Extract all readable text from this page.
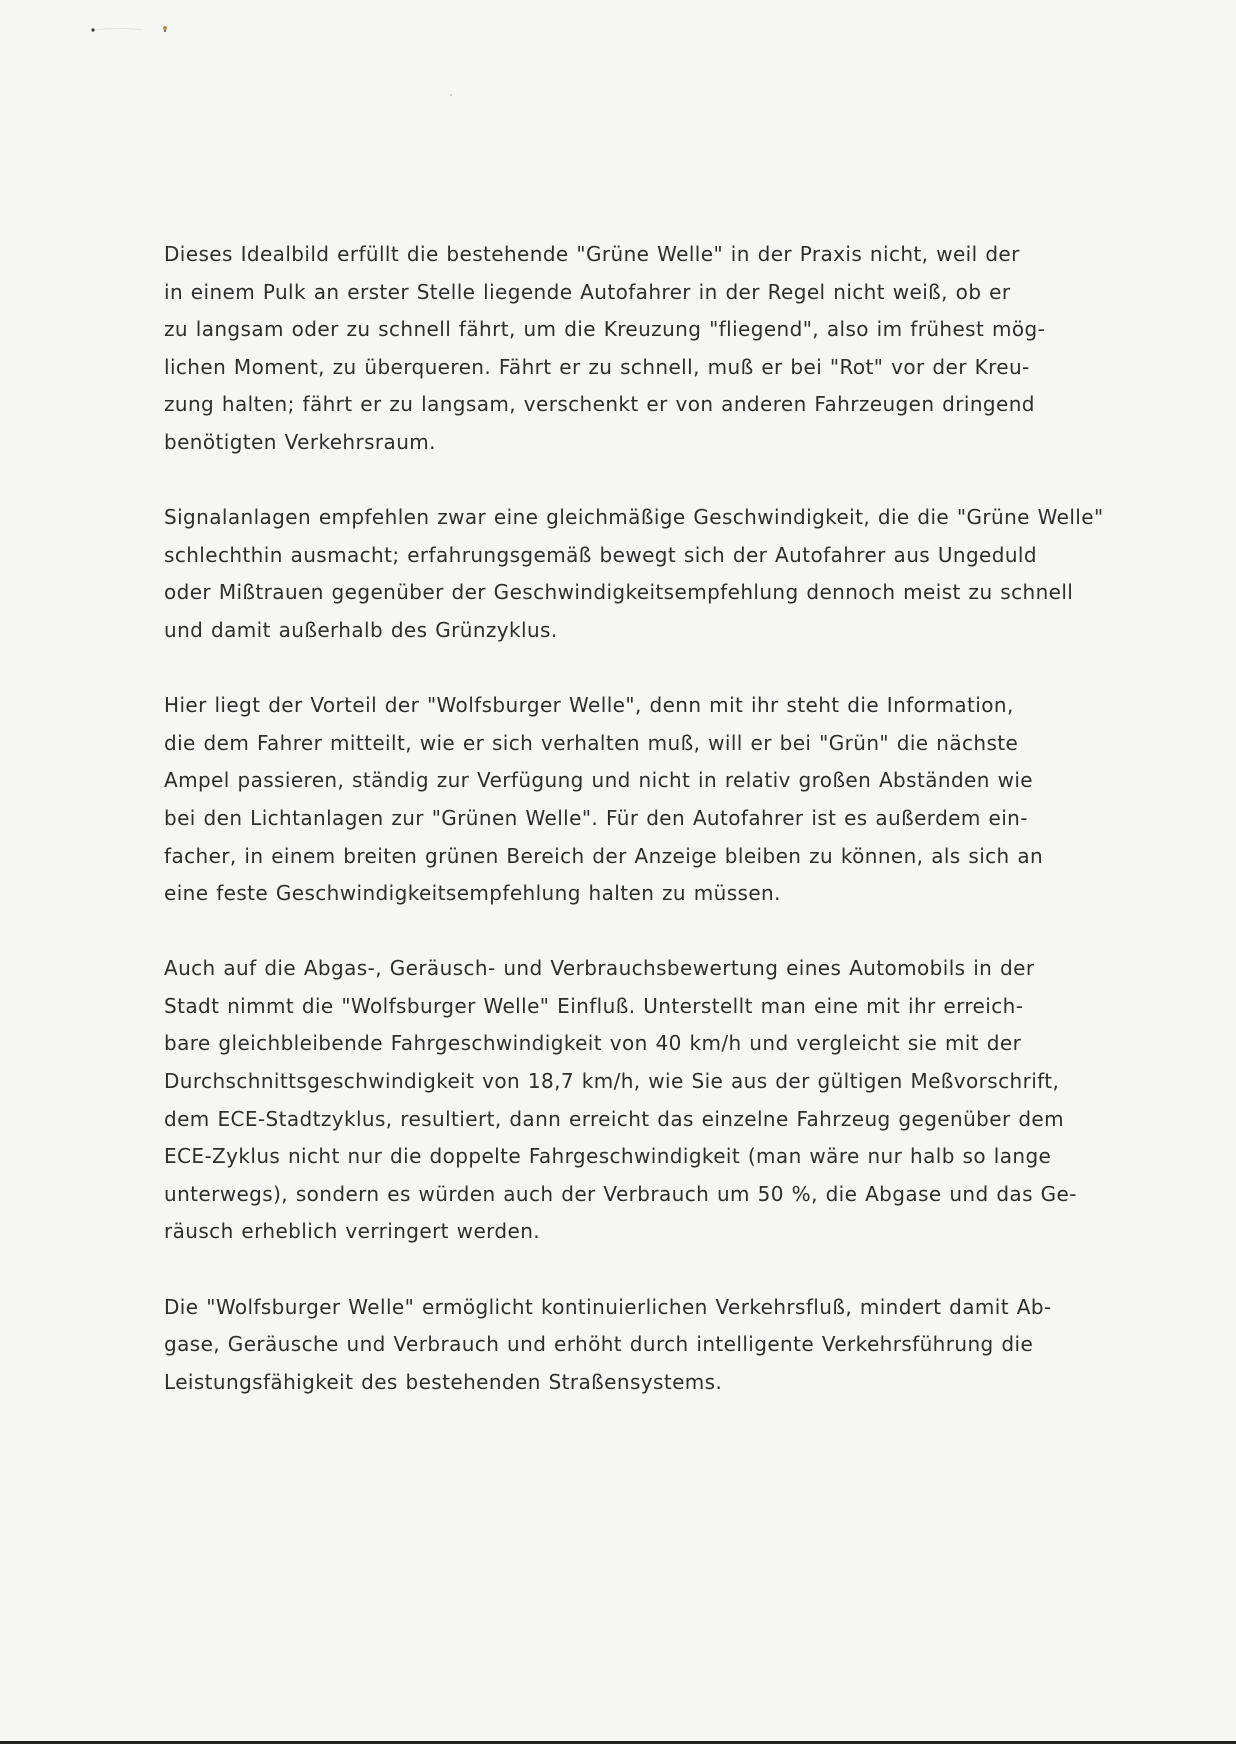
Dieses Idealbild erfüllt die bestehende "Grüne Welle" in der Praxis nicht, weil der
in einem Pulk an erster Stelle liegende Autofahrer in der Regel nicht weiß, ob er
zu langsam oder zu schnell fährt, um die Kreuzung "fliegend", also im frühest mög-
lichen Moment, zu überqueren. Fährt er zu schnell, muß er bei "Rot" vor der Kreu-
zung halten; fährt er zu langsam, verschenkt er von anderen Fahrzeugen dringend
benötigten Verkehrsraum.
Signalanlagen empfehlen zwar eine gleichmäßige Geschwindigkeit, die die "Grüne Welle"
schlechthin ausmacht; erfahrungsgemäß bewegt sich der Autofahrer aus Ungeduld
oder Mißtrauen gegenüber der Geschwindigkeitsempfehlung dennoch meist zu schnell
und damit außerhalb des Grünzyklus.
Hier liegt der Vorteil der "Wolfsburger Welle", denn mit ihr steht die Information,
die dem Fahrer mitteilt, wie er sich verhalten muß, will er bei "Grün" die nächste
Ampel passieren, ständig zur Verfügung und nicht in relativ großen Abständen wie
bei den Lichtanlagen zur "Grünen Welle". Für den Autofahrer ist es außerdem ein-
facher, in einem breiten grünen Bereich der Anzeige bleiben zu können, als sich an
eine feste Geschwindigkeitsempfehlung halten zu müssen.
Auch auf die Abgas-, Geräusch- und Verbrauchsbewertung eines Automobils in der
Stadt nimmt die "Wolfsburger Welle" Einfluß. Unterstellt man eine mit ihr erreich-
bare gleichbleibende Fahrgeschwindigkeit von 40 km/h und vergleicht sie mit der
Durchschnittsgeschwindigkeit von 18,7 km/h, wie Sie aus der gültigen Meßvorschrift,
dem ECE-Stadtzyklus, resultiert, dann erreicht das einzelne Fahrzeug gegenüber dem
ECE-Zyklus nicht nur die doppelte Fahrgeschwindigkeit (man wäre nur halb so lange
unterwegs), sondern es würden auch der Verbrauch um 50 %, die Abgase und das Ge-
räusch erheblich verringert werden.
Die "Wolfsburger Welle" ermöglicht kontinuierlichen Verkehrsfluß, mindert damit Ab-
gase, Geräusche und Verbrauch und erhöht durch intelligente Verkehrsführung die
Leistungsfähigkeit des bestehenden Straßensystems.
